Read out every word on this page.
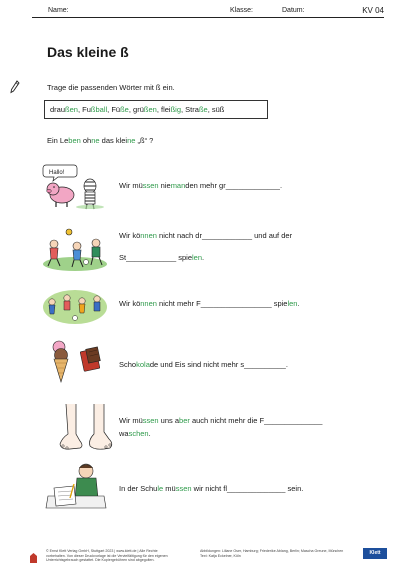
Name:	Klasse:	Datum:	KV 04
Das kleine ß
Trage die passenden Wörter mit ß ein.
draußen, Fußball, Füße, grüßen, fleißig, Straße, süß
Ein Leben ohne das kleine „ß“ ?
Hallo!
Wir müssen niemanden mehr gr_____________.
Wir können nicht nach dr____________ und auf der
St____________ spielen.
Wir können nicht mehr F_________________ spielen.
Schokolade und Eis sind nicht mehr s__________.
Wir müssen uns aber auch nicht mehr die F______________
waschen.
In der Schule müssen wir nicht fl______________ sein.
© Ernst Klett Verlag GmbH, Stuttgart 2023 | www.klett.de | Alle Rechte
vorbehalten. Von dieser Druckvorlage ist die Vervielfältigung für den eigenen
Unterrichtsgebrauch gestattet. Die Kopiergebühren sind abgegolten.
Abbildungen: Liliane Oser, Hamburg; Friederike Ablang, Berlin; Mascha Greune, München
Text: Katja Eckelner, Köln	Klett
